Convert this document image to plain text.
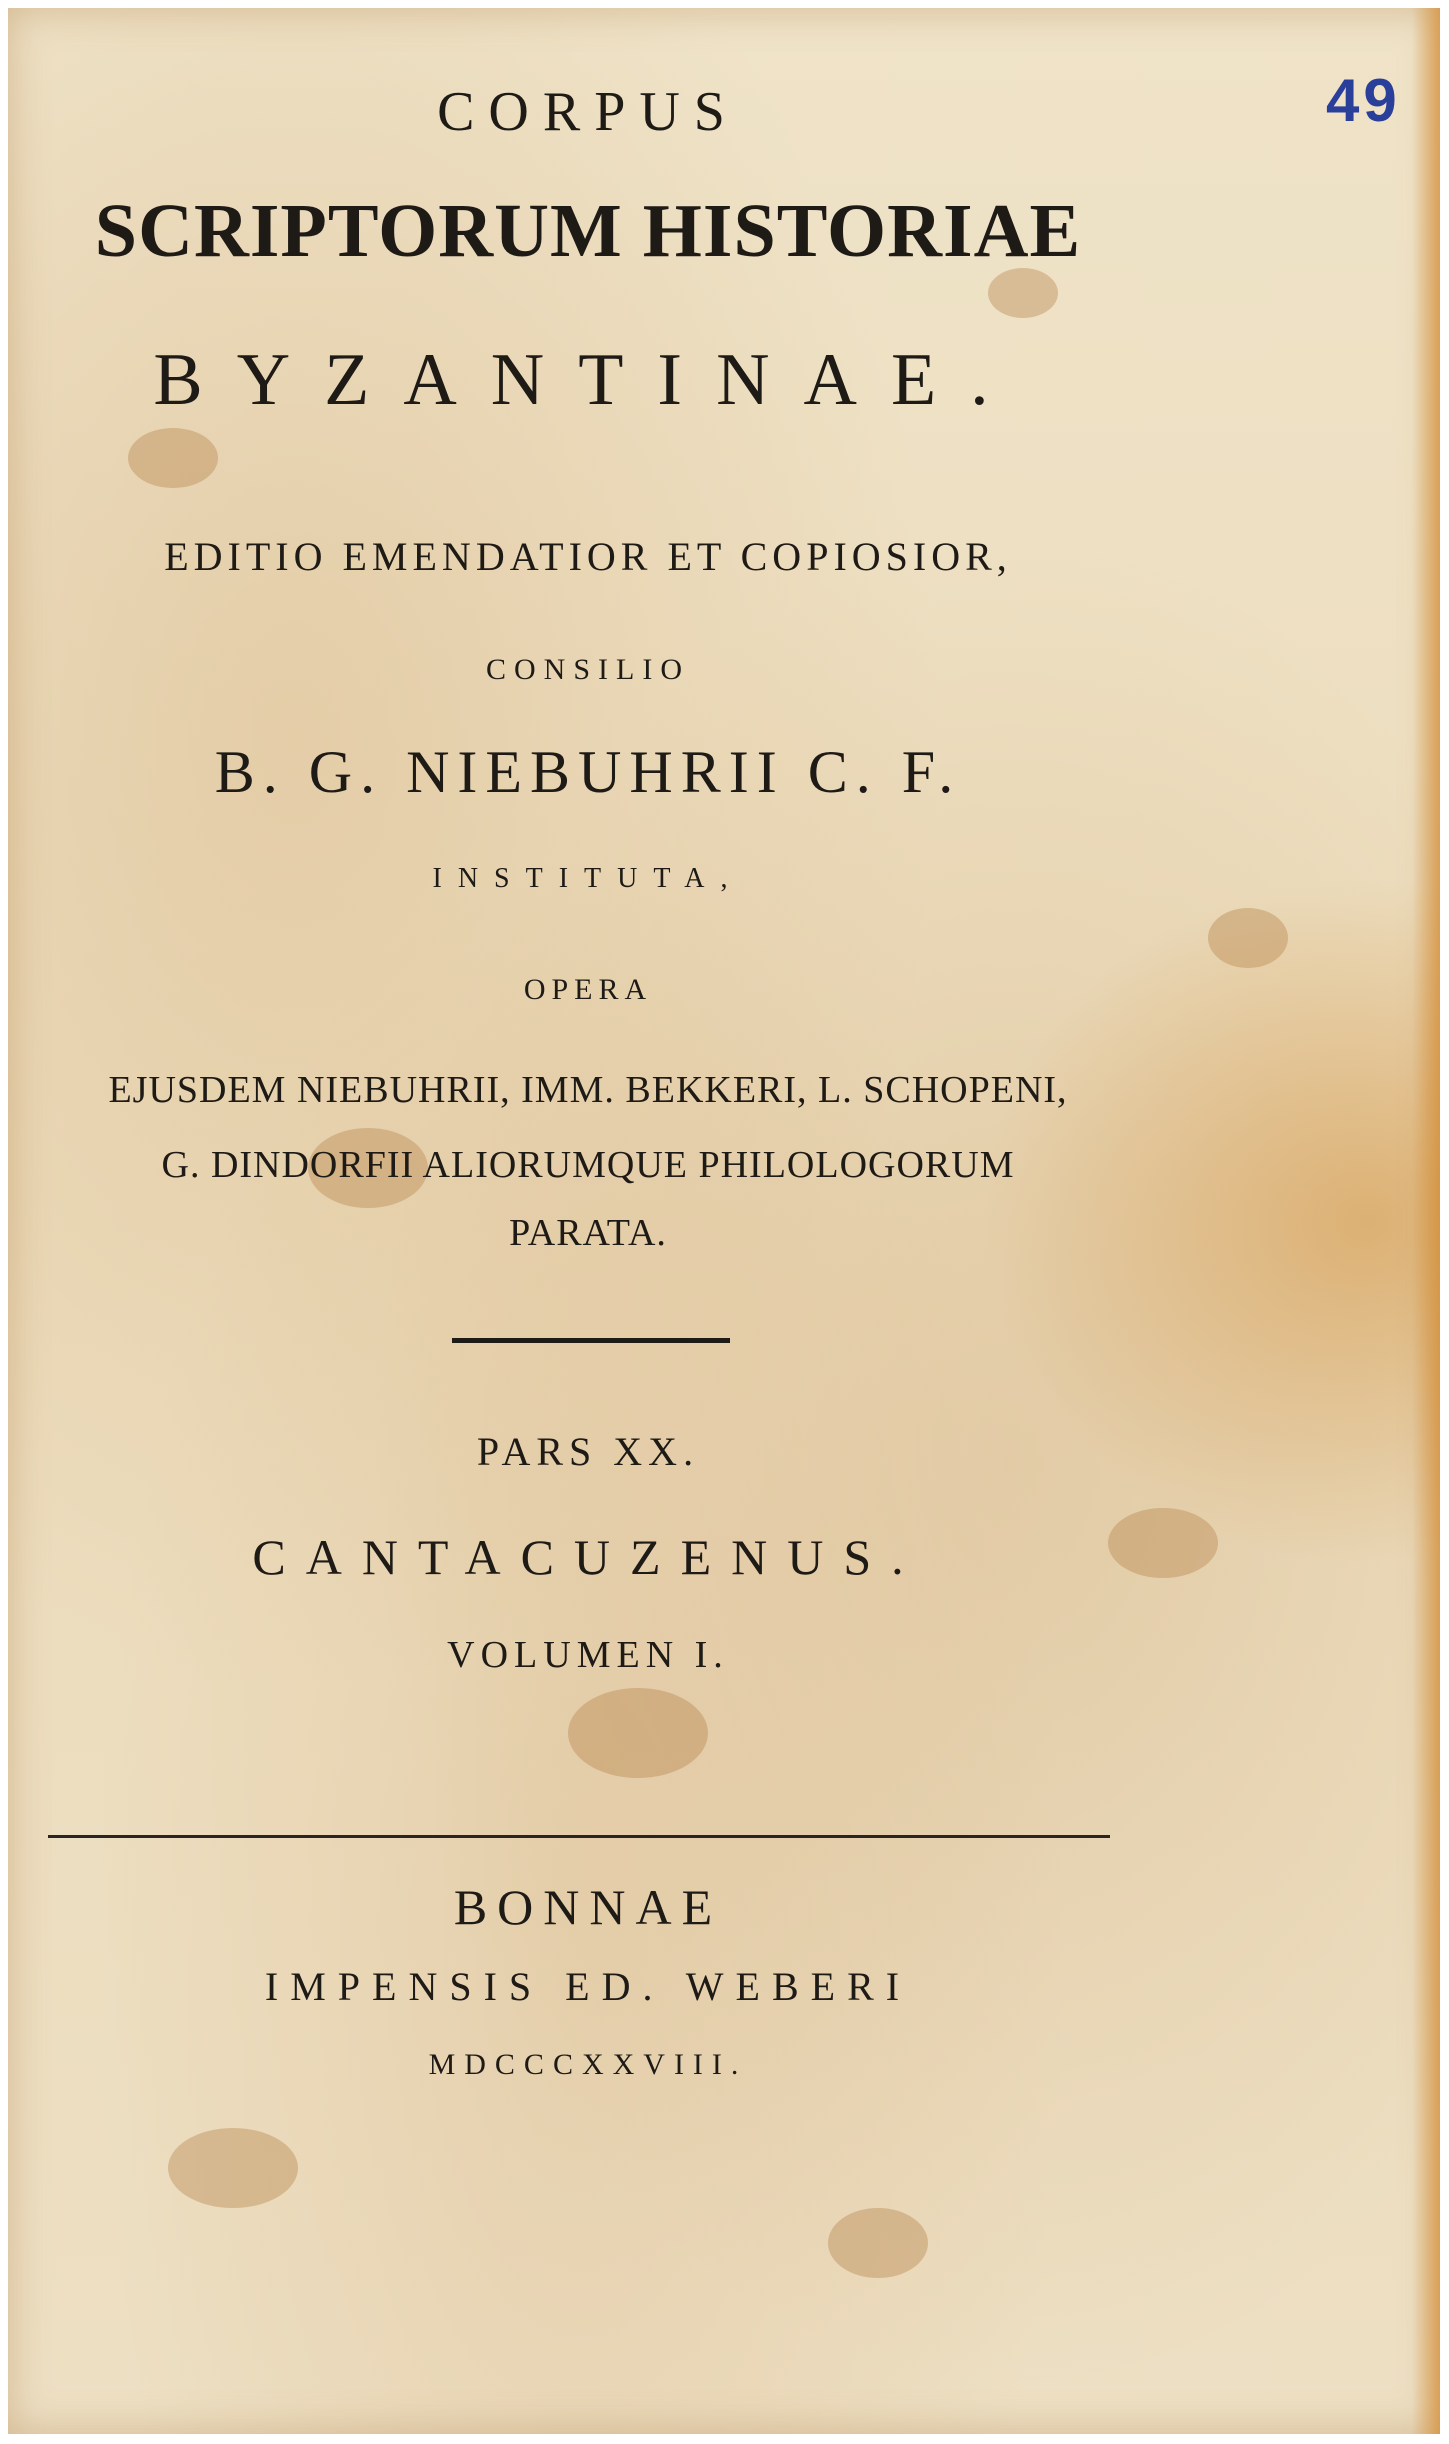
49
CORPUS
SCRIPTORUM HISTORIAE
BYZANTINAE.
EDITIO EMENDATIOR ET COPIOSIOR,
CONSILIO
B. G. NIEBUHRII C. F.
INSTITUTA,
OPERA
EJUSDEM NIEBUHRII, IMM. BEKKERI, L. SCHOPENI,
G. DINDORFII ALIORUMQUE PHILOLOGORUM
PARATA.
PARS XX.
CANTACUZENUS.
VOLUMEN I.
BONNAE
IMPENSIS ED. WEBERI
MDCCCXXVIII.
